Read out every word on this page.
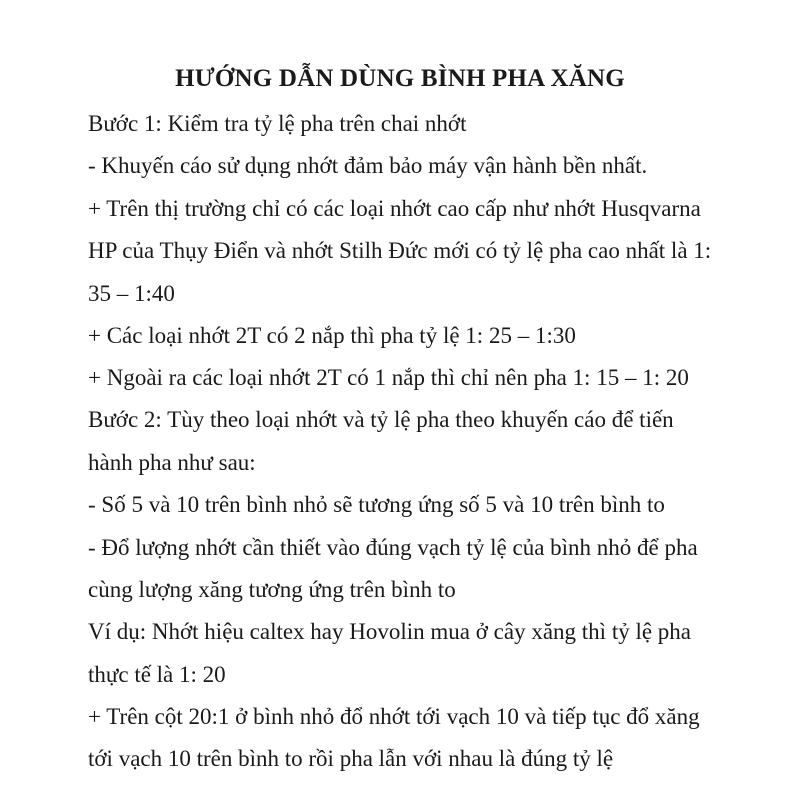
HƯỚNG DẪN DÙNG BÌNH PHA XĂNG
Bước 1: Kiểm tra tỷ lệ pha trên chai nhớt
- Khuyến cáo sử dụng nhớt đảm bảo máy vận hành bền nhất.
+ Trên thị trường chỉ có các loại nhớt cao cấp như nhớt Husqvarna
HP của Thụy Điển và nhớt Stilh Đức mới có tỷ lệ pha cao nhất là 1:
35 – 1:40
+ Các loại nhớt 2T có 2 nắp thì pha tỷ lệ 1: 25 – 1:30
+ Ngoài ra các loại nhớt 2T có 1 nắp thì chỉ nên pha 1: 15 – 1: 20
Bước 2: Tùy theo loại nhớt và tỷ lệ pha theo khuyến cáo để tiến
hành pha như sau:
- Số 5 và 10 trên bình nhỏ sẽ tương ứng số 5 và 10 trên bình to
- Đổ lượng nhớt cần thiết vào đúng vạch tỷ lệ của bình nhỏ để pha
cùng lượng xăng tương ứng trên bình to
Ví dụ: Nhớt hiệu caltex hay Hovolin mua ở cây xăng thì tỷ lệ pha
thực tế là 1: 20
+ Trên cột 20:1 ở bình nhỏ đổ nhớt tới vạch 10 và tiếp tục đổ xăng
tới vạch 10 trên bình to rồi pha lẫn với nhau là đúng tỷ lệ
